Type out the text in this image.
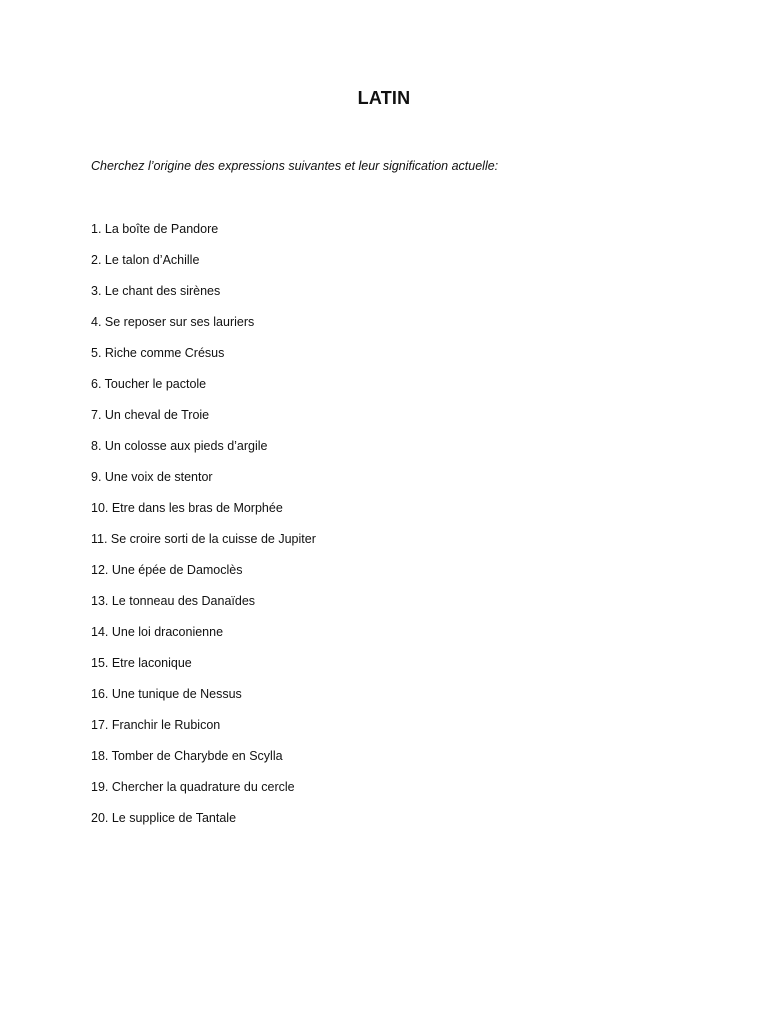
LATIN

Cherchez l’origine des expressions suivantes et leur signification actuelle:

1. La boîte de Pandore
2. Le talon d’Achille
3. Le chant des sirènes
4. Se reposer sur ses lauriers
5. Riche comme Crésus
6. Toucher le pactole
7. Un cheval de Troie
8. Un colosse aux pieds d’argile
9. Une voix de stentor
10. Etre dans les bras de Morphée
11. Se croire sorti de la cuisse de Jupiter
12. Une épée de Damoclès
13. Le tonneau des Danaïdes
14. Une loi draconienne
15. Etre laconique
16. Une tunique de Nessus
17. Franchir le Rubicon
18. Tomber de Charybde en Scylla
19. Chercher la quadrature du cercle
20. Le supplice de Tantale
